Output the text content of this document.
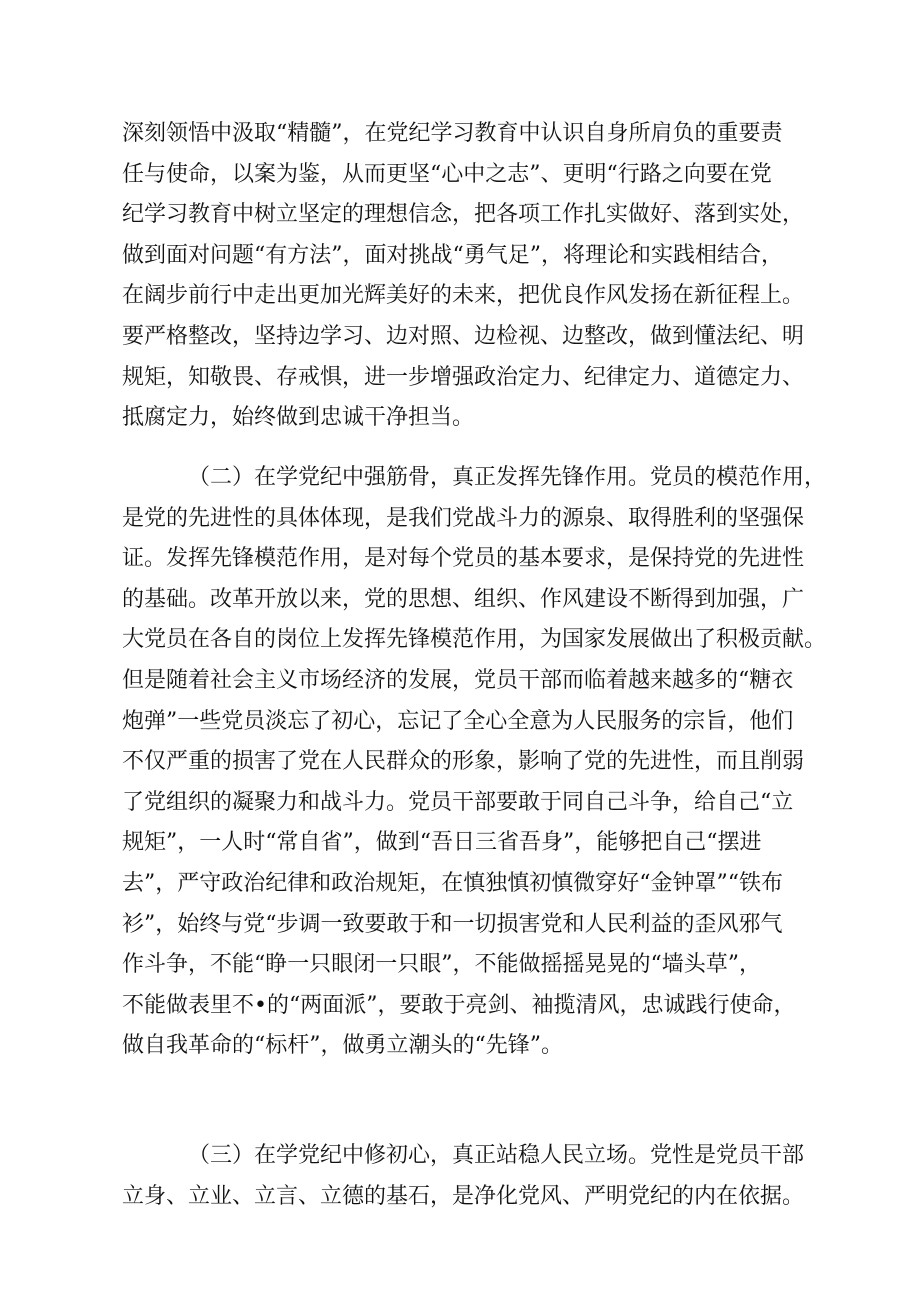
深刻领悟中汲取“精髓”，在党纪学习教育中认识自身所肩负的重要责
任与使命，以案为鉴，从而更坚“心中之志”、更明“行路之向要在党
纪学习教育中树立坚定的理想信念，把各项工作扎实做好、落到实处，
做到面对问题“有方法”，面对挑战“勇气足”，将理论和实践相结合，
在阔步前行中走出更加光辉美好的未来，把优良作风发扬在新征程上。
要严格整改，坚持边学习、边对照、边检视、边整改，做到懂法纪、明
规矩，知敬畏、存戒惧，进一步增强政治定力、纪律定力、道德定力、
抵腐定力，始终做到忠诚干净担当。
（二）在学党纪中强筋骨，真正发挥先锋作用。党员的模范作用，
是党的先进性的具体体现，是我们党战斗力的源泉、取得胜利的坚强保
证。发挥先锋模范作用，是对每个党员的基本要求，是保持党的先进性
的基础。改革开放以来，党的思想、组织、作风建设不断得到加强，广
大党员在各自的岗位上发挥先锋模范作用，为国家发展做出了积极贡献。
但是随着社会主义市场经济的发展，党员干部而临着越来越多的“糖衣
炮弹”一些党员淡忘了初心，忘记了全心全意为人民服务的宗旨，他们
不仅严重的损害了党在人民群众的形象，影响了党的先进性，而且削弱
了党组织的凝聚力和战斗力。党员干部要敢于同自己斗争，给自己“立
规矩”，一人时“常自省”，做到“吾日三省吾身”，能够把自己“摆进
去”，严守政治纪律和政治规矩，在慎独慎初慎微穿好“金钟罩”“铁布
衫”，始终与党“步调一致要敢于和一切损害党和人民利益的歪风邪气
作斗争，不能“睁一只眼闭一只眼”，不能做摇摇晃晃的“墙头草”，
不能做表里不•的“两面派”，要敢于亮剑、袖揽清风，忠诚践行使命，
做自我革命的“标杆”，做勇立潮头的“先锋”。
（三）在学党纪中修初心，真正站稳人民立场。党性是党员干部
立身、立业、立言、立德的基石，是净化党风、严明党纪的内在依据。
